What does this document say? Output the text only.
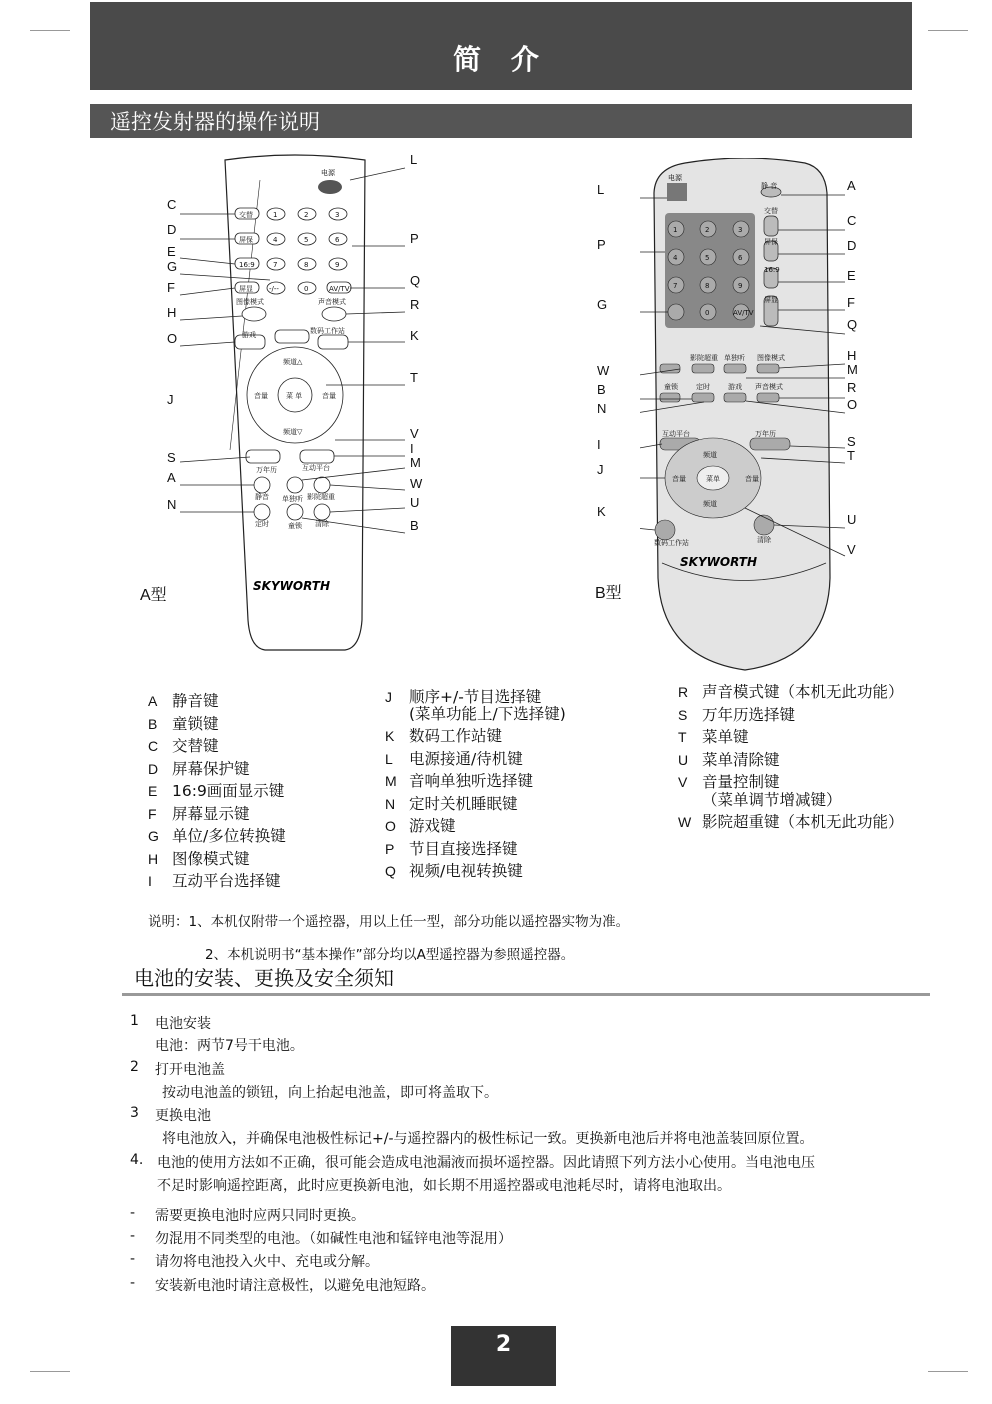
简 介
遥控发射器的操作说明
电源
交替
屏保
16:9
屏显
1	2	3
4	5	6
7	8	9
-/--	0	AV/TV
图像模式	声音模式
游戏	数码工作站
频道△
频道▽
音量	音量
菜 单
万年历	互动平台
静音 单独听 影院超重
定时	童锁 清除
SKYWORTH
C
D
E
G
F
H
O
J
S
A
N
L
P
Q
R
K
T
V
I
M
W
U
B
A型
电源
静 音
交替
屏保
16:9
屏显
1	2	3
4	5	6
7	8	9
0	AV/TV
影院超重 单独听 图像模式
童锁	定时	游戏 声音模式
互动平台	万年历
频道
频道
音量	音量
菜单
数码工作站	清除
SKYWORTH
L
P
G
W
B
N
I
J
K
A
C
D
E
F
Q
H
M
R
O
S
T
U
V
B型
A 静音键
B 童锁键
C 交替键
D 屏幕保护键
E 16:9画面显示键
F 屏幕显示键
G 单位/多位转换键
H 图像模式键
I 互动平台选择键
J 顺序+/-节目选择键
(菜单功能上/下选择键)
K 数码工作站键
L 电源接通/待机键
M 音响单独听选择键
N 定时关机睡眠键
O 游戏键
P 节目直接选择键
Q 视频/电视转换键
R 声音模式键（本机无此功能）
S 万年历选择键
T 菜单键
U 菜单清除键
V 音量控制键
（菜单调节增减键）
W 影院超重键（本机无此功能）
说明：1、本机仅附带一个遥控器，用以上任一型，部分功能以遥控器实物为准。
2、本机说明书“基本操作”部分均以A型遥控器为参照遥控器。
电池的安装、更换及安全须知
1 电池安装
电池：两节7号干电池。
2 打开电池盖
按动电池盖的锁钮，向上抬起电池盖，即可将盖取下。
3 更换电池
将电池放入，并确保电池极性标记+/-与遥控器内的极性标记一致。更换新电池后并将电池盖装回原位置。
4. 电池的使用方法如不正确，很可能会造成电池漏液而损坏遥控器。因此请照下列方法小心使用。当电池电压
不足时影响遥控距离，此时应更换新电池，如长期不用遥控器或电池耗尽时，请将电池取出。
- 需要更换电池时应两只同时更换。
- 勿混用不同类型的电池。（如碱性电池和锰锌电池等混用）
- 请勿将电池投入火中、充电或分解。
- 安装新电池时请注意极性，以避免电池短路。
2
